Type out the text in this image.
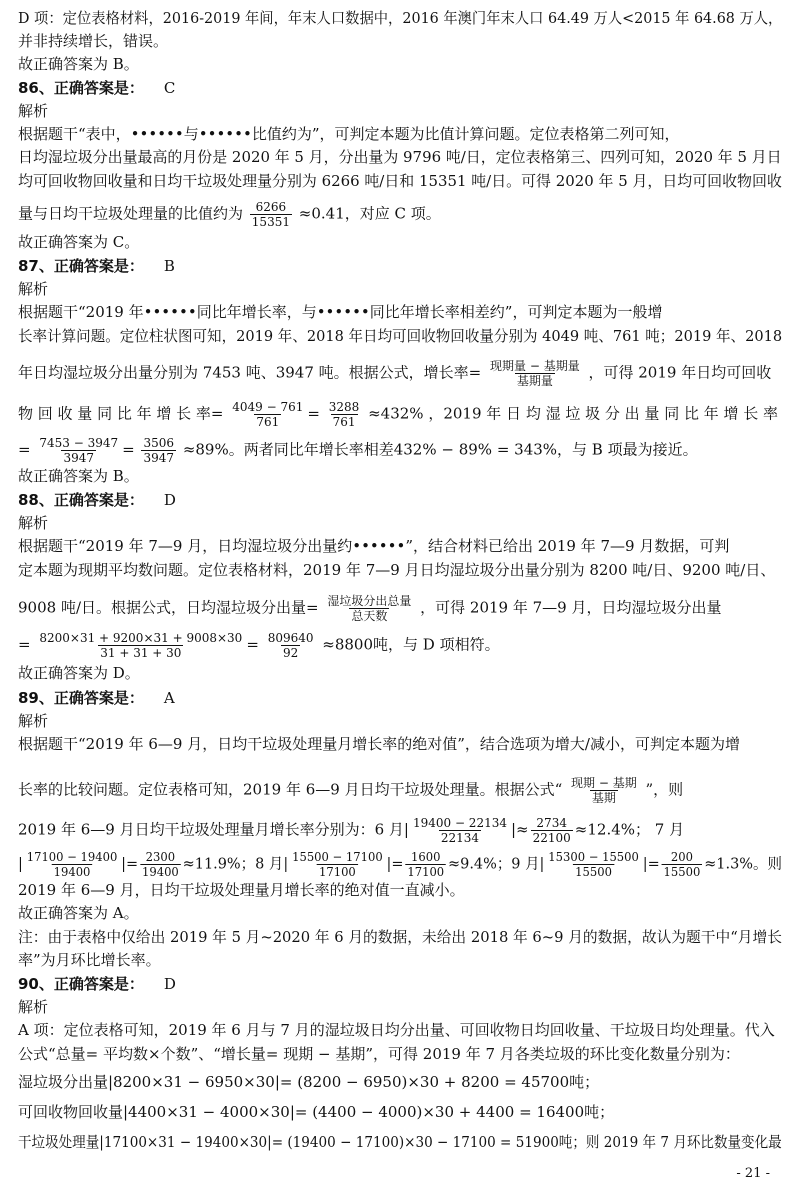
D 项：定位表格材料，2016-2019 年间，年末人口数据中，2016 年澳门年末人口 64.49 万人<2015 年 64.68 万人，
并非持续增长，错误。
故正确答案为 B。
86、正确答案是： C
解析
根据题干“表中，••••••与••••••比值约为”，可判定本题为比值计算问题。定位表格第二列可知，
日均湿垃圾分出量最高的月份是 2020 年 5 月，分出量为 9796 吨/日，定位表格第三、四列可知，2020 年 5 月日
均可回收物回收量和日均干垃圾处理量分别为 6266 吨/日和 15351 吨/日。可得 2020 年 5 月，日均可回收物回收
量与日均干垃圾处理量的比值约为 $\frac{6266}{15351} \approx 0.41$，对应 C 项。
故正确答案为 C。
87、正确答案是： B
解析
根据题干“2019 年••••••同比年增长率，与••••••同比年增长率相差约”，可判定本题为一般增
长率计算问题。定位柱状图可知，2019 年、2018 年日均可回收物回收量分别为 4049 吨、761 吨；2019 年、2018
年日均湿垃圾分出量分别为 7453 吨、3947 吨。根据公式，增长率= $\frac{\text{现期量 − 基期量}}{\text{基期量}}$ ，可得 2019 年日均可回收
物 回 收 量 同 比 年 增 长 率= $\frac{4049 - 761}{761} = \frac{3288}{761} \approx 432\%$ ，2019 年 日 均 湿 垃 圾 分 出 量 同 比 年 增 长 率
= $\frac{7453 - 3947}{3947} = \frac{3506}{3947} \approx 89\%$。两者同比年增长率相差432% − 89% = 343%，与 B 项最为接近。
故正确答案为 B。
88、正确答案是： D
解析
根据题干“2019 年 7—9 月，日均湿垃圾分出量约••••••”，结合材料已给出 2019 年 7—9 月数据，可判
定本题为现期平均数问题。定位表格材料，2019 年 7—9 月日均湿垃圾分出量分别为 8200 吨/日、9200 吨/日、
9008 吨/日。根据公式，日均湿垃圾分出量= $\frac{\text{湿垃圾分出总量}}{\text{总天数}}$ ，可得 2019 年 7—9 月，日均湿垃圾分出量
= $\frac{8200\times 31 + 9200\times 31 + 9008\times 30}{31 + 31 + 30} = \frac{809640}{92} \approx 8800$吨，与 D 项相符。
故正确答案为 D。
89、正确答案是： A
解析
根据题干“2019 年 6—9 月，日均干垃圾处理量月增长率的绝对值”，结合选项为增大/减小，可判定本题为增
长率的比较问题。定位表格可知，2019 年 6—9 月日均干垃圾处理量。根据公式“ $\frac{\text{现期 − 基期}}{\text{基期}}$ ”，则
2019 年 6—9 月日均干垃圾处理量月增长率分别为：6 月| $\frac{19400 - 22134}{22134}$ |≈ $\frac{2734}{22100} \approx 12.4\%$； 7 月
| $\frac{17100 - 19400}{19400}$ |= $\frac{2300}{19400} \approx 11.9\%$；8 月| $\frac{15500 - 17100}{17100}$ |= $\frac{1600}{17100} \approx 9.4\%$；9 月| $\frac{15300 - 15500}{15500}$ |= $\frac{200}{15500} \approx 1.3\%$。则
2019 年 6—9 月，日均干垃圾处理量月增长率的绝对值一直减小。
故正确答案为 A。
注：由于表格中仅给出 2019 年 5 月~2020 年 6 月的数据，未给出 2018 年 6~9 月的数据，故认为题干中“月增长
率”为月环比增长率。
90、正确答案是： D
解析
A 项：定位表格可知，2019 年 6 月与 7 月的湿垃圾日均分出量、可回收物日均回收量、干垃圾日均处理量。代入
公式“总量= 平均数×个数”、“增长量= 现期 − 基期”，可得 2019 年 7 月各类垃圾的环比变化数量分别为：
湿垃圾分出量|8200×31 − 6950×30|= (8200 − 6950)×30 + 8200 = 45700吨；
可回收物回收量|4400×31 − 4000×30|= (4400 − 4000)×30 + 4400 = 16400吨；
干垃圾处理量|17100×31 − 19400×30|= (19400 − 17100)×30 − 17100 = 51900吨；则 2019 年 7 月环比数量变化最
- 21 -
